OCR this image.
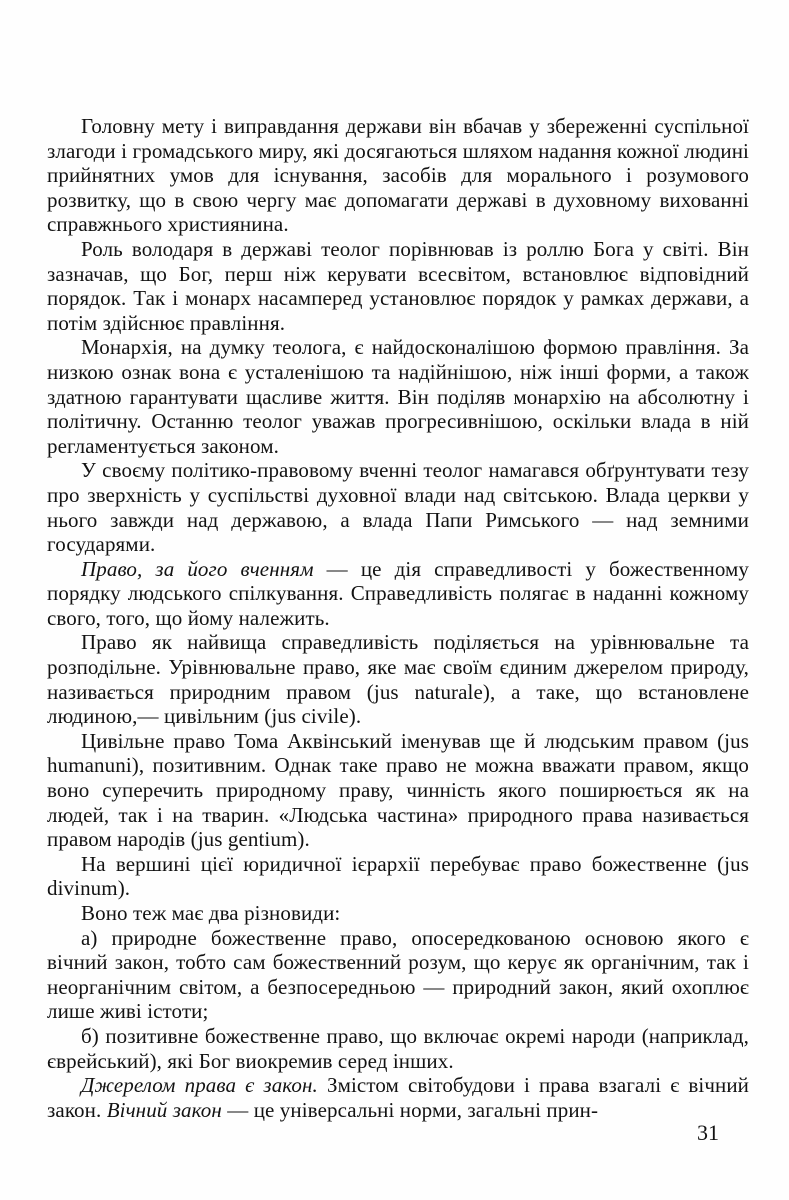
Головну мету і виправдання держави він вбачав у збереженні суспільної злагоди і громадського миру, які досягаються шляхом надання кожної людині прийнятних умов для існування, засобів для морального і розумового розвитку, що в свою чергу має допомагати державі в духовному вихованні справжнього християнина.

Роль володаря в державі теолог порівнював із роллю Бога у світі. Він зазначав, що Бог, перш ніж керувати всесвітом, встановлює відповідний порядок. Так і монарх насамперед установлює порядок у рамках держави, а потім здійснює правління.

Монархія, на думку теолога, є найдосконалішою формою правління. За низкою ознак вона є усталенішою та надійнішою, ніж інші форми, а також здатною гарантувати щасливе життя. Він поділяв монархію на абсолютну і політичну. Останню теолог уважав прогресивнішою, оскільки влада в ній регламентується законом.

У своєму політико-правовому вченні теолог намагався обґрунтувати тезу про зверхність у суспільстві духовної влади над світською. Влада церкви у нього завжди над державою, а влада Папи Римського — над земними государями.

Право, за його вченням — це дія справедливості у божественному порядку людського спілкування. Справедливість полягає в наданні кожному свого, того, що йому належить.

Право як найвища справедливість поділяється на урівнювальне та розподільне. Урівнювальне право, яке має своїм єдиним джерелом природу, називається природним правом (jus naturale), а таке, що встановлене людиною,— цивільним (jus civile).

Цивільне право Тома Аквінський іменував ще й людським правом (jus humanuni), позитивним. Однак таке право не можна вважати правом, якщо воно суперечить природному праву, чинність якого поширюється як на людей, так і на тварин. «Людська частина» природного права називається правом народів (jus gentium).

На вершині цієї юридичної ієрархії перебуває право божественне (jus divinum).

Воно теж має два різновиди:

а) природне божественне право, опосередкованою основою якого є вічний закон, тобто сам божественний розум, що керує як органічним, так і неорганічним світом, а безпосередньою — природний закон, який охоплює лише живі істоти;

б) позитивне божественне право, що включає окремі народи (наприклад, єврейський), які Бог виокремив серед інших.

Джерелом права є закон. Змістом світобудови і права взагалі є вічний закон. Вічний закон — це універсальні норми, загальні прин-

31
